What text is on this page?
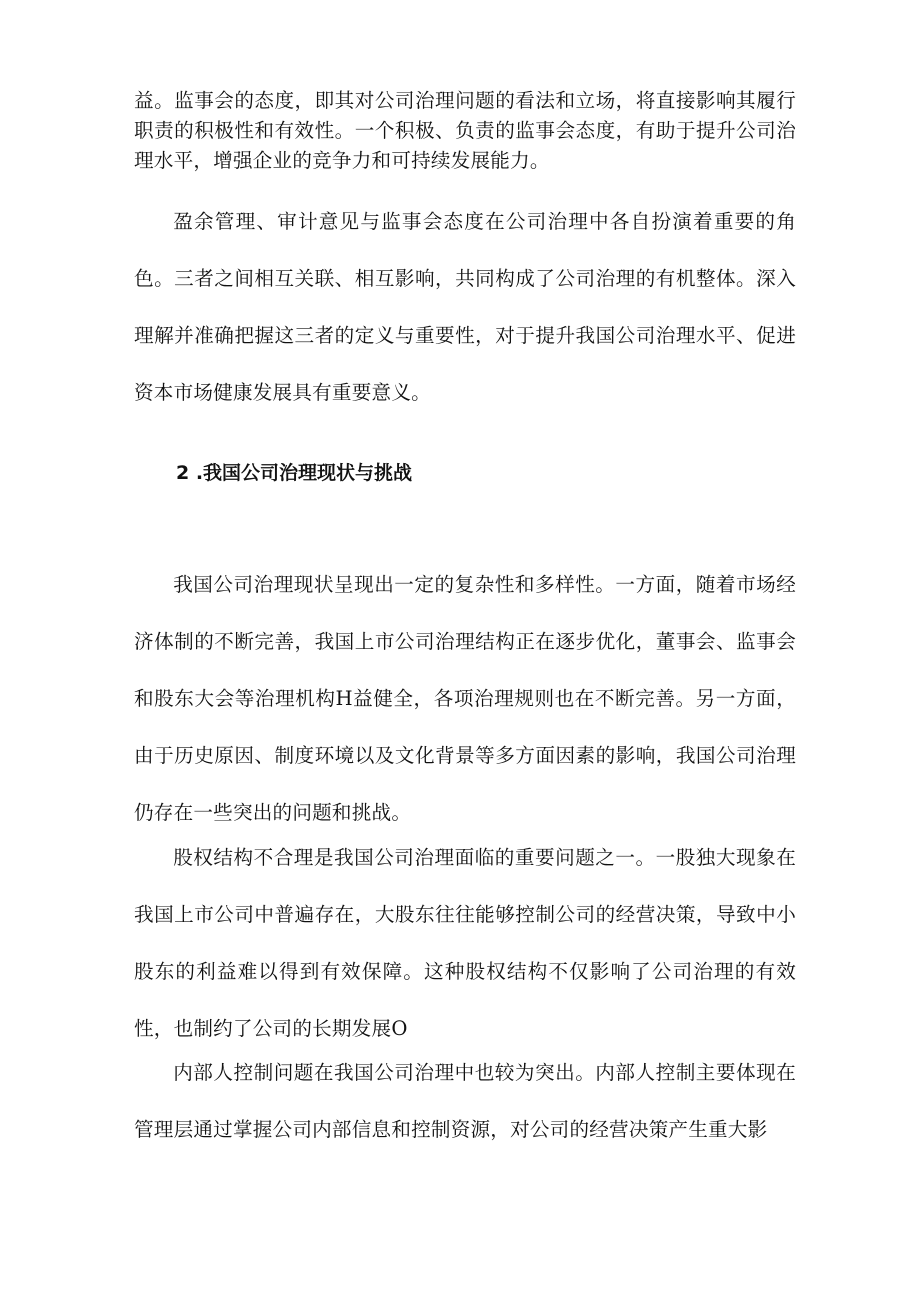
益。监事会的态度，即其对公司治理问题的看法和立场，将直接影响其履行职责的积极性和有效性。一个积极、负责的监事会态度，有助于提升公司治理水平，增强企业的竞争力和可持续发展能力。

盈余管理、审计意见与监事会态度在公司治理中各自扮演着重要的角色。三者之间相互关联、相互影响，共同构成了公司治理的有机整体。深入理解并准确把握这三者的定义与重要性，对于提升我国公司治理水平、促进资本市场健康发展具有重要意义。

2 .我国公司治理现状与挑战

我国公司治理现状呈现出一定的复杂性和多样性。一方面，随着市场经济体制的不断完善，我国上市公司治理结构正在逐步优化，董事会、监事会和股东大会等治理机构H益健全，各项治理规则也在不断完善。另一方面，由于历史原因、制度环境以及文化背景等多方面因素的影响，我国公司治理仍存在一些突出的问题和挑战。

股权结构不合理是我国公司治理面临的重要问题之一。一股独大现象在我国上市公司中普遍存在，大股东往往能够控制公司的经营决策，导致中小股东的利益难以得到有效保障。这种股权结构不仅影响了公司治理的有效性，也制约了公司的长期发展O

内部人控制问题在我国公司治理中也较为突出。内部人控制主要体现在管理层通过掌握公司内部信息和控制资源，对公司的经营决策产生重大影
